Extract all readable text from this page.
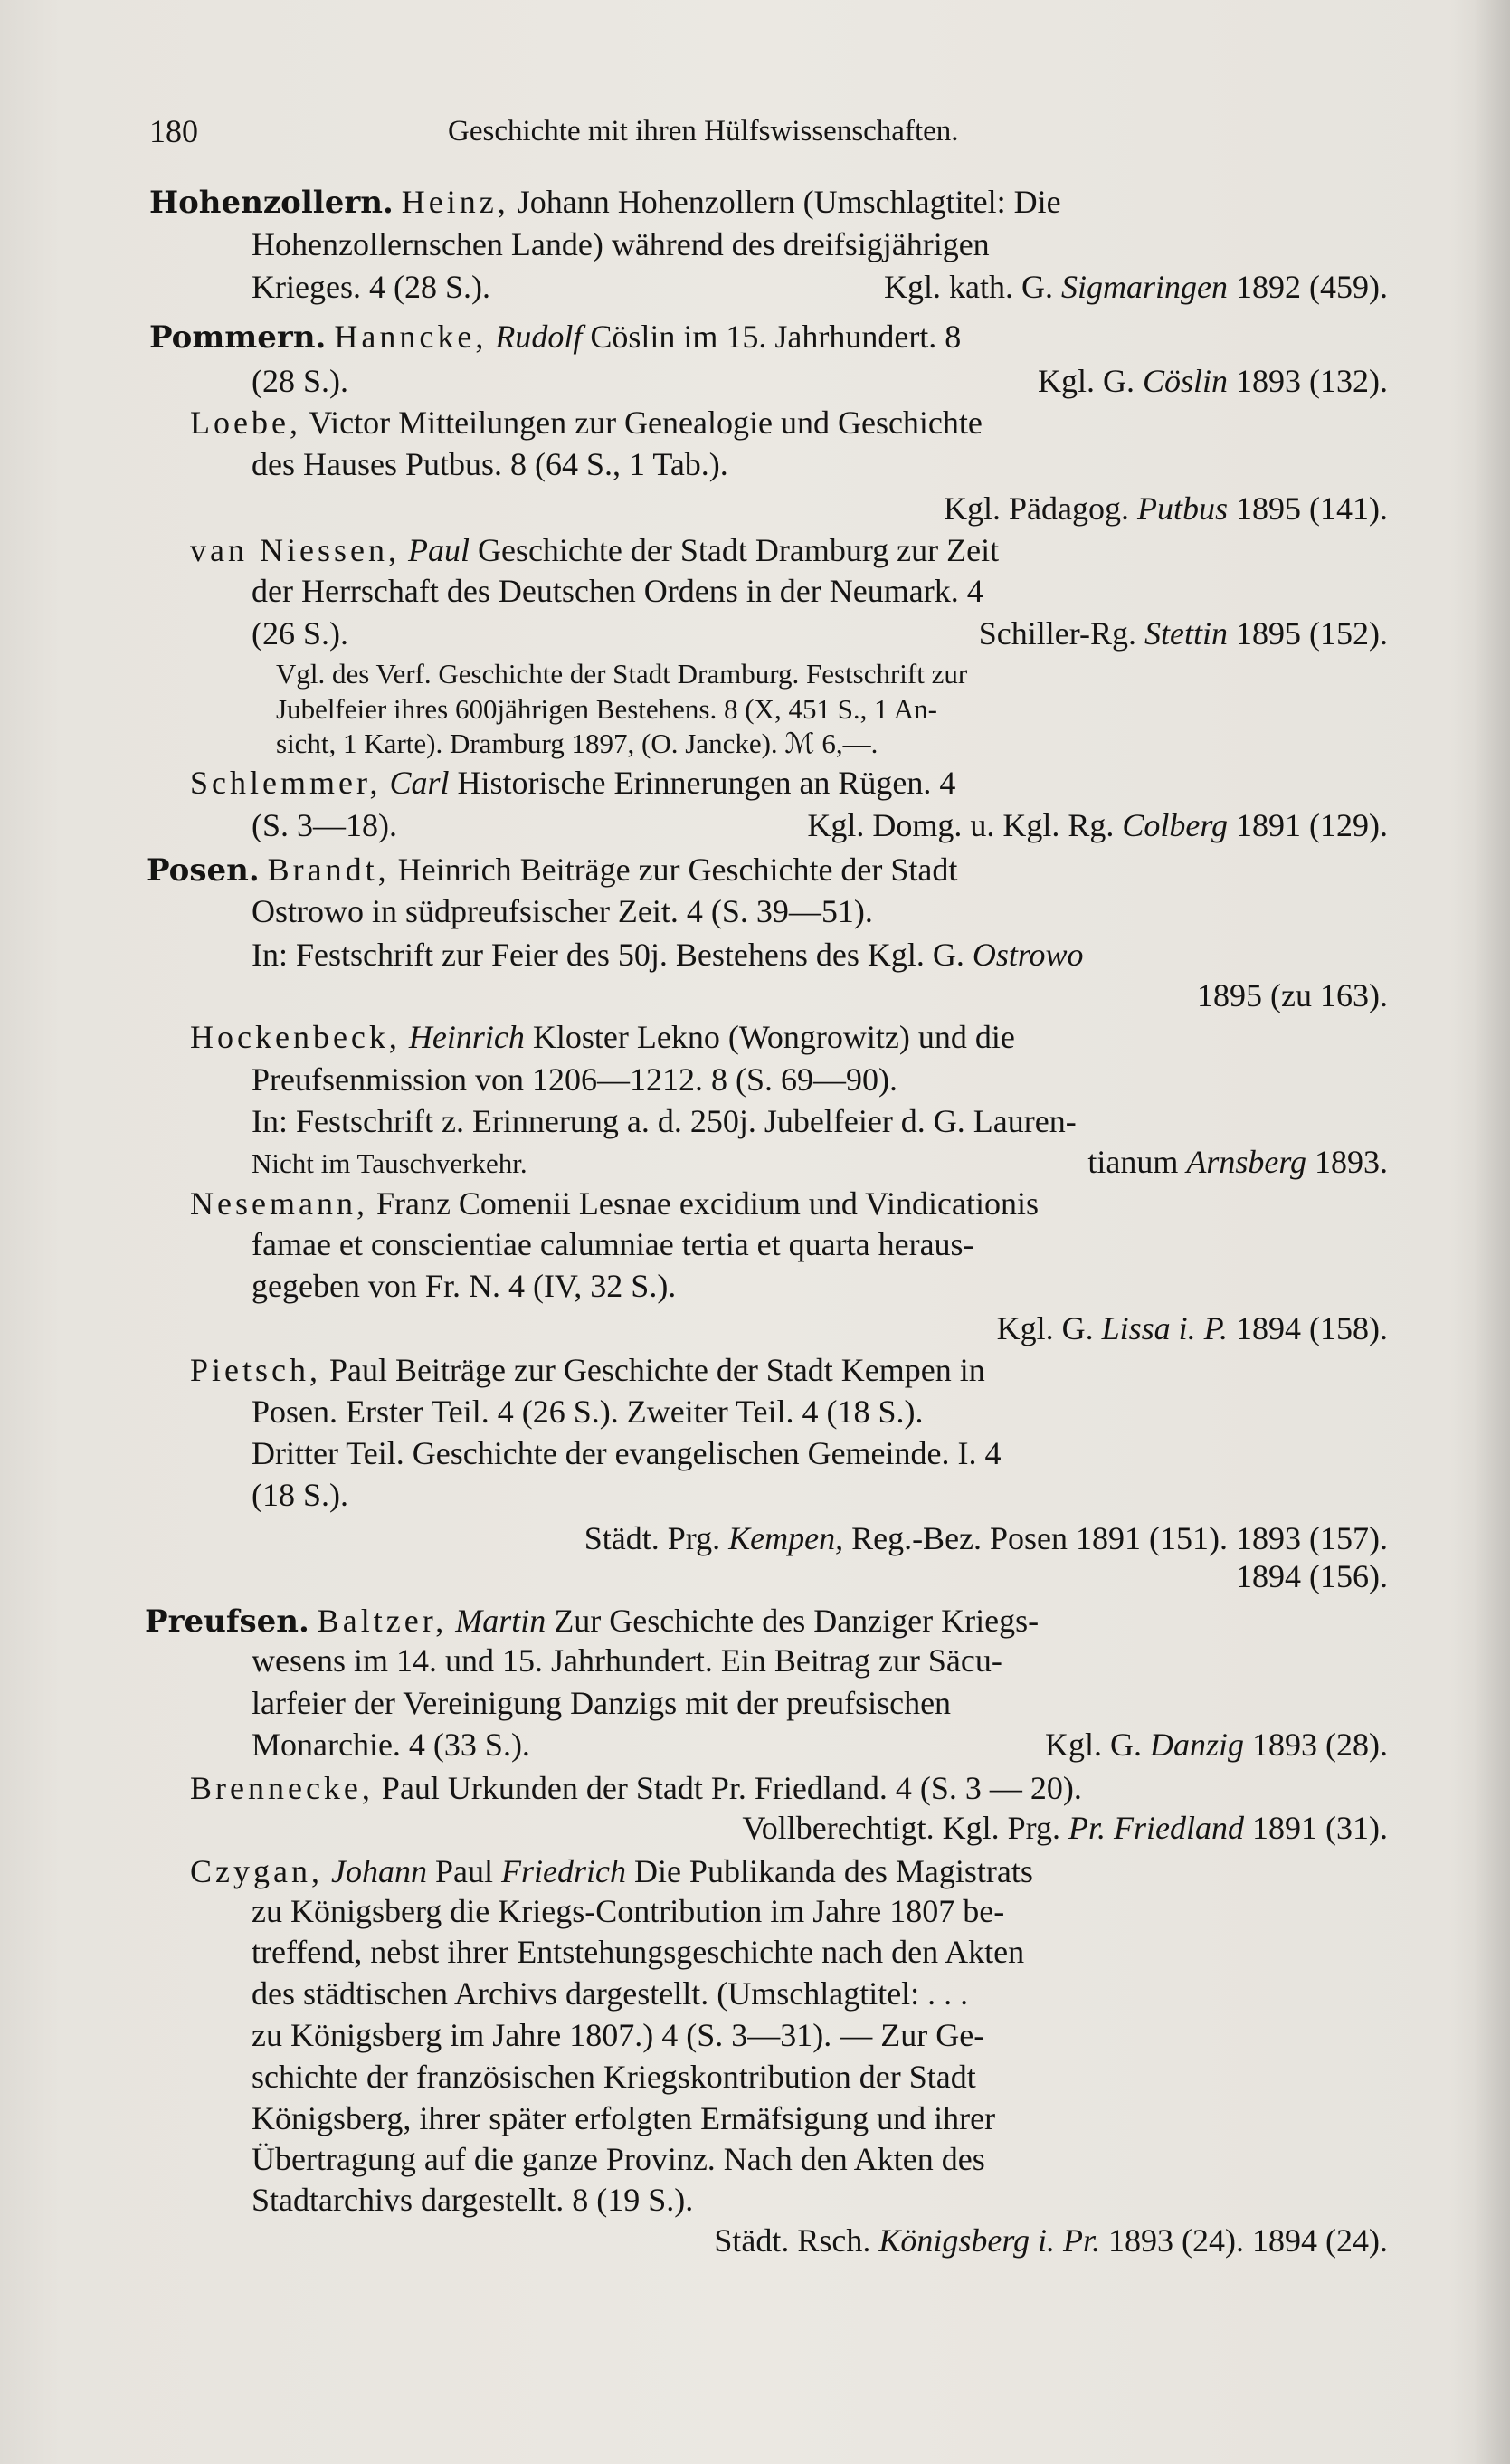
180	Geschichte mit ihren Hülfswissenschaften.
Hohenzollern. Heinz, Johann Hohenzollern (Umschlagtitel: Die
Hohenzollernschen Lande) während des dreifsigjährigen
Krieges. 4 (28 S.).	Kgl. kath. G. Sigmaringen 1892 (459).
Pommern. Hanncke, Rudolf Cöslin im 15. Jahrhundert. 8
(28 S.).	Kgl. G. Cöslin 1893 (132).
Loebe, Victor Mitteilungen zur Genealogie und Geschichte
des Hauses Putbus. 8 (64 S., 1 Tab.).
Kgl. Pädagog. Putbus 1895 (141).
van Niessen, Paul Geschichte der Stadt Dramburg zur Zeit
der Herrschaft des Deutschen Ordens in der Neumark. 4
(26 S.).	Schiller-Rg. Stettin 1895 (152).
Vgl. des Verf. Geschichte der Stadt Dramburg. Festschrift zur
Jubelfeier ihres 600jährigen Bestehens. 8 (X, 451 S., 1 An-
sicht, 1 Karte). Dramburg 1897, (O. Jancke). ℳ 6,—.
Schlemmer, Carl Historische Erinnerungen an Rügen. 4
(S. 3—18).	Kgl. Domg. u. Kgl. Rg. Colberg 1891 (129).
Posen. Brandt, Heinrich Beiträge zur Geschichte der Stadt
Ostrowo in südpreufsischer Zeit. 4 (S. 39—51).
In: Festschrift zur Feier des 50j. Bestehens des Kgl. G. Ostrowo
1895 (zu 163).
Hockenbeck, Heinrich Kloster Lekno (Wongrowitz) und die
Preufsenmission von 1206—1212. 8 (S. 69—90).
In: Festschrift z. Erinnerung a. d. 250j. Jubelfeier d. G. Lauren-
Nicht im Tauschverkehr.	tianum Arnsberg 1893.
Nesemann, Franz Comenii Lesnae excidium und Vindicationis
famae et conscientiae calumniae tertia et quarta heraus-
gegeben von Fr. N. 4 (IV, 32 S.).
Kgl. G. Lissa i. P. 1894 (158).
Pietsch, Paul Beiträge zur Geschichte der Stadt Kempen in
Posen. Erster Teil. 4 (26 S.). Zweiter Teil. 4 (18 S.).
Dritter Teil. Geschichte der evangelischen Gemeinde. I. 4
(18 S.).
Städt. Prg. Kempen, Reg.-Bez. Posen 1891 (151). 1893 (157).
1894 (156).
Preufsen. Baltzer, Martin Zur Geschichte des Danziger Kriegs-
wesens im 14. und 15. Jahrhundert. Ein Beitrag zur Säcu-
larfeier der Vereinigung Danzigs mit der preufsischen
Monarchie. 4 (33 S.).	Kgl. G. Danzig 1893 (28).
Brennecke, Paul Urkunden der Stadt Pr. Friedland. 4 (S. 3 — 20).
Vollberechtigt. Kgl. Prg. Pr. Friedland 1891 (31).
Czygan, Johann Paul Friedrich Die Publikanda des Magistrats
zu Königsberg die Kriegs-Contribution im Jahre 1807 be-
treffend, nebst ihrer Entstehungsgeschichte nach den Akten
des städtischen Archivs dargestellt. (Umschlagtitel: . . .
zu Königsberg im Jahre 1807.) 4 (S. 3—31). — Zur Ge-
schichte der französischen Kriegskontribution der Stadt
Königsberg, ihrer später erfolgten Ermäfsigung und ihrer
Übertragung auf die ganze Provinz. Nach den Akten des
Stadtarchivs dargestellt. 8 (19 S.).
Städt. Rsch. Königsberg i. Pr. 1893 (24). 1894 (24).
